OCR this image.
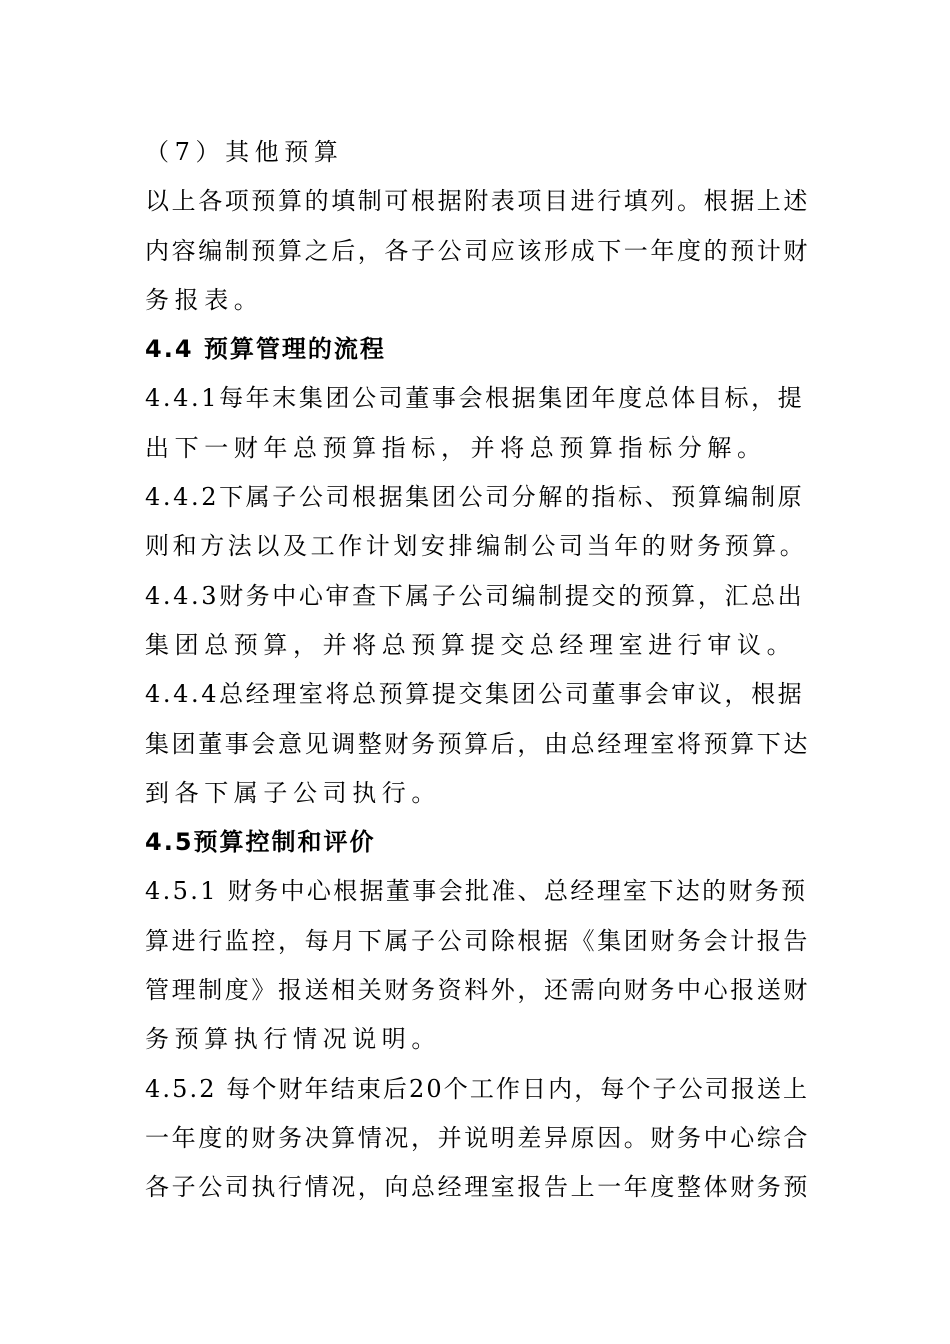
（7）其他预算
以上各项预算的填制可根据附表项目进行填列。根据上述
内容编制预算之后，各子公司应该形成下一年度的预计财
务报表。
4.4 预算管理的流程
4.4.1每年末集团公司董事会根据集团年度总体目标，提
出下一财年总预算指标，并将总预算指标分解。
4.4.2下属子公司根据集团公司分解的指标、预算编制原
则和方法以及工作计划安排编制公司当年的财务预算。
4.4.3财务中心审查下属子公司编制提交的预算，汇总出
集团总预算，并将总预算提交总经理室进行审议。
4.4.4总经理室将总预算提交集团公司董事会审议，根据
集团董事会意见调整财务预算后，由总经理室将预算下达
到各下属子公司执行。
4.5预算控制和评价
4.5.1 财务中心根据董事会批准、总经理室下达的财务预
算进行监控，每月下属子公司除根据《集团财务会计报告
管理制度》报送相关财务资料外，还需向财务中心报送财
务预算执行情况说明。
4.5.2 每个财年结束后20个工作日内，每个子公司报送上
一年度的财务决算情况，并说明差异原因。财务中心综合
各子公司执行情况，向总经理室报告上一年度整体财务预
